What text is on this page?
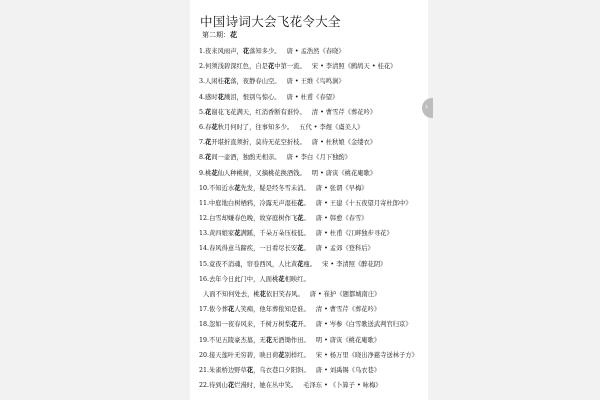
中国诗词大会飞花令大全
第二期：花
1.夜来风雨声，花落知多少。 唐 • 孟浩然《春晓》
2.何须浅碧深红色，自是花中第一流。 宋 • 李清照《鹧鸪天 • 桂花》
3.人闲桂花落，夜静春山空。 唐 • 王维《鸟鸣涧》
4.感时花溅泪，恨别鸟惊心。 唐 • 杜甫《春望》
5.花谢花飞花满天，红消香断有谁怜。 清 • 曹雪芹《葬花吟》
6.春花秋月何时了，往事知多少。 五代 • 李煜《虞美人》
7.花开堪折直须折，莫待无花空折枝。 唐 • 杜秋娘《金缕衣》
8.花间一壶酒，独酌无相亲。 唐 • 李白《月下独酌》
9.桃花仙人种桃树，又摘桃花换酒钱。 明 • 唐寅《桃花庵歌》
10.不知近水花先发，疑是经冬雪未消。 唐 • 张谓《早梅》
11.中庭地白树栖鸦，冷露无声湿桂花。 唐 • 王建《十五夜望月寄杜郎中》
12.白雪却嫌春色晚，故穿庭树作飞花。 唐 • 韩愈《春雪》
13.黄四娘家花满蹊，千朵万朵压枝低。 唐 • 杜甫《江畔独步寻花》
14.春风得意马蹄疾，一日看尽长安花。 唐 • 孟郊《登科后》
15.竟夜不消魂，帘卷西风，人比黄花瘦。 宋 • 李清照《醉花阴》
16.去年今日此门中，人面桃花相映红。
人面不知何处去，桃花依旧笑春风。 唐 • 崔护《题都城南庄》
17.侬今葬花人笑痴，他年葬侬知是谁。 清 • 曹雪芹《葬花吟》
18.忽如一夜春风来，千树万树梨花开。 唐 • 岑参《白雪歌送武判官归京》
19.不见五陵豪杰墓，无花无酒锄作田。 明 • 唐寅《桃花庵歌》
20.接天莲叶无穷碧，映日荷花别样红。 宋 • 杨万里《晓出净慈寺送林子方》
21.朱雀桥边野草花，乌衣巷口夕阳斜。 唐 • 刘禹锡《乌衣巷》
22.待到山花烂漫时，她在丛中笑。 毛泽东 • 《卜算子 • 咏梅》
›
